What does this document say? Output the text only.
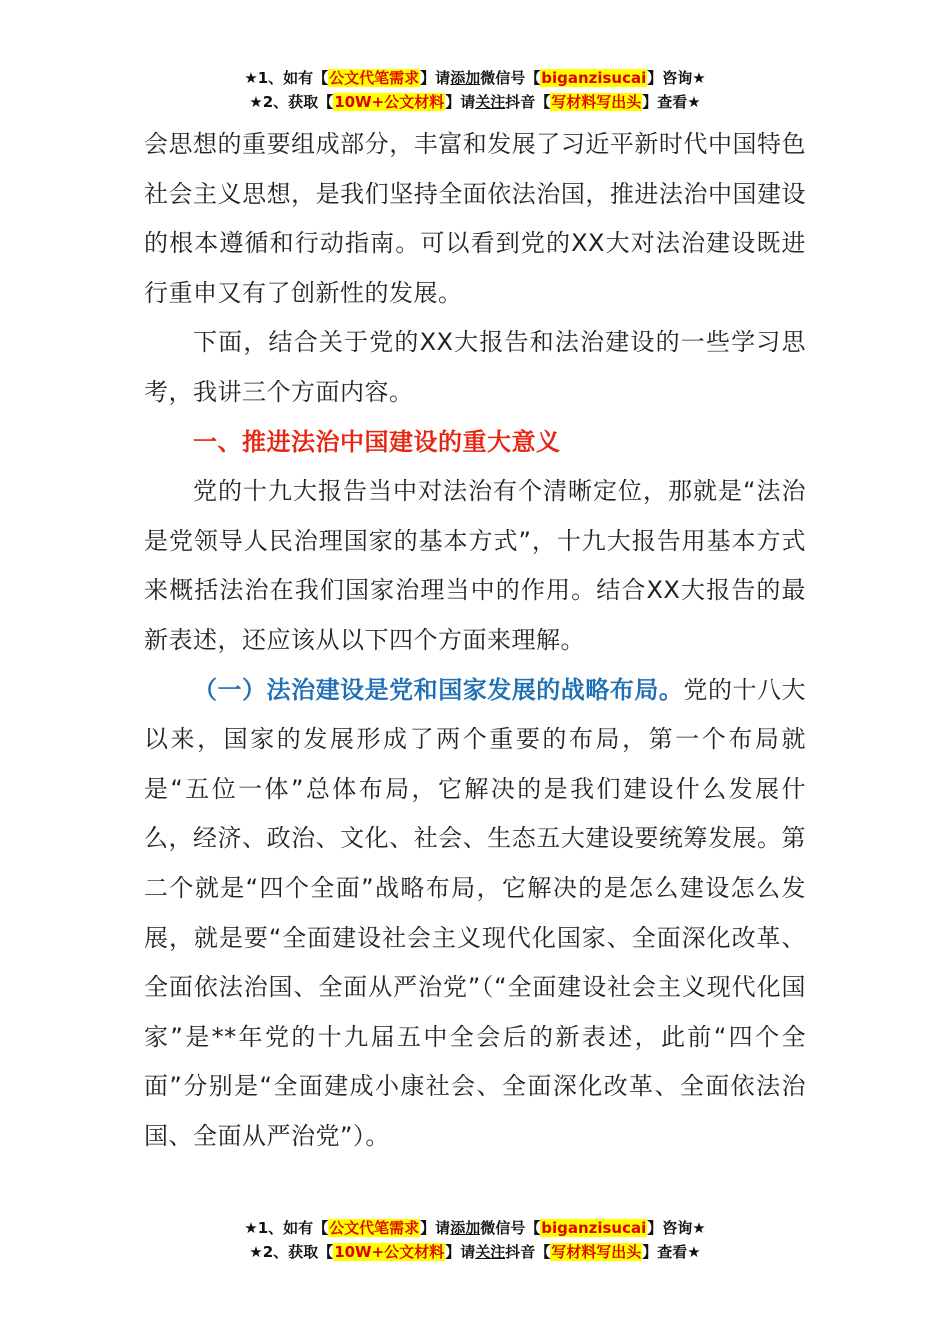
★1、如有【公文代笔需求】请添加微信号【biganzisucai】咨询★
★2、获取【10W+公文材料】请关注抖音【写材料写出头】查看★

会思想的重要组成部分，丰富和发展了习近平新时代中国特色社会主义思想，是我们坚持全面依法治国，推进法治中国建设的根本遵循和行动指南。可以看到党的XX大对法治建设既进行重申又有了创新性的发展。

下面，结合关于党的XX大报告和法治建设的一些学习思考，我讲三个方面内容。

一、推进法治中国建设的重大意义

党的十九大报告当中对法治有个清晰定位，那就是“法治是党领导人民治理国家的基本方式”，十九大报告用基本方式来概括法治在我们国家治理当中的作用。结合XX大报告的最新表述，还应该从以下四个方面来理解。

（一）法治建设是党和国家发展的战略布局。党的十八大以来，国家的发展形成了两个重要的布局，第一个布局就是“五位一体”总体布局，它解决的是我们建设什么发展什么，经济、政治、文化、社会、生态五大建设要统筹发展。第二个就是“四个全面”战略布局，它解决的是怎么建设怎么发展，就是要“全面建设社会主义现代化国家、全面深化改革、全面依法治国、全面从严治党”（“全面建设社会主义现代化国家”是**年党的十九届五中全会后的新表述，此前“四个全面”分别是“全面建成小康社会、全面深化改革、全面依法治国、全面从严治党”）。

★1、如有【公文代笔需求】请添加微信号【biganzisucai】咨询★
★2、获取【10W+公文材料】请关注抖音【写材料写出头】查看★
